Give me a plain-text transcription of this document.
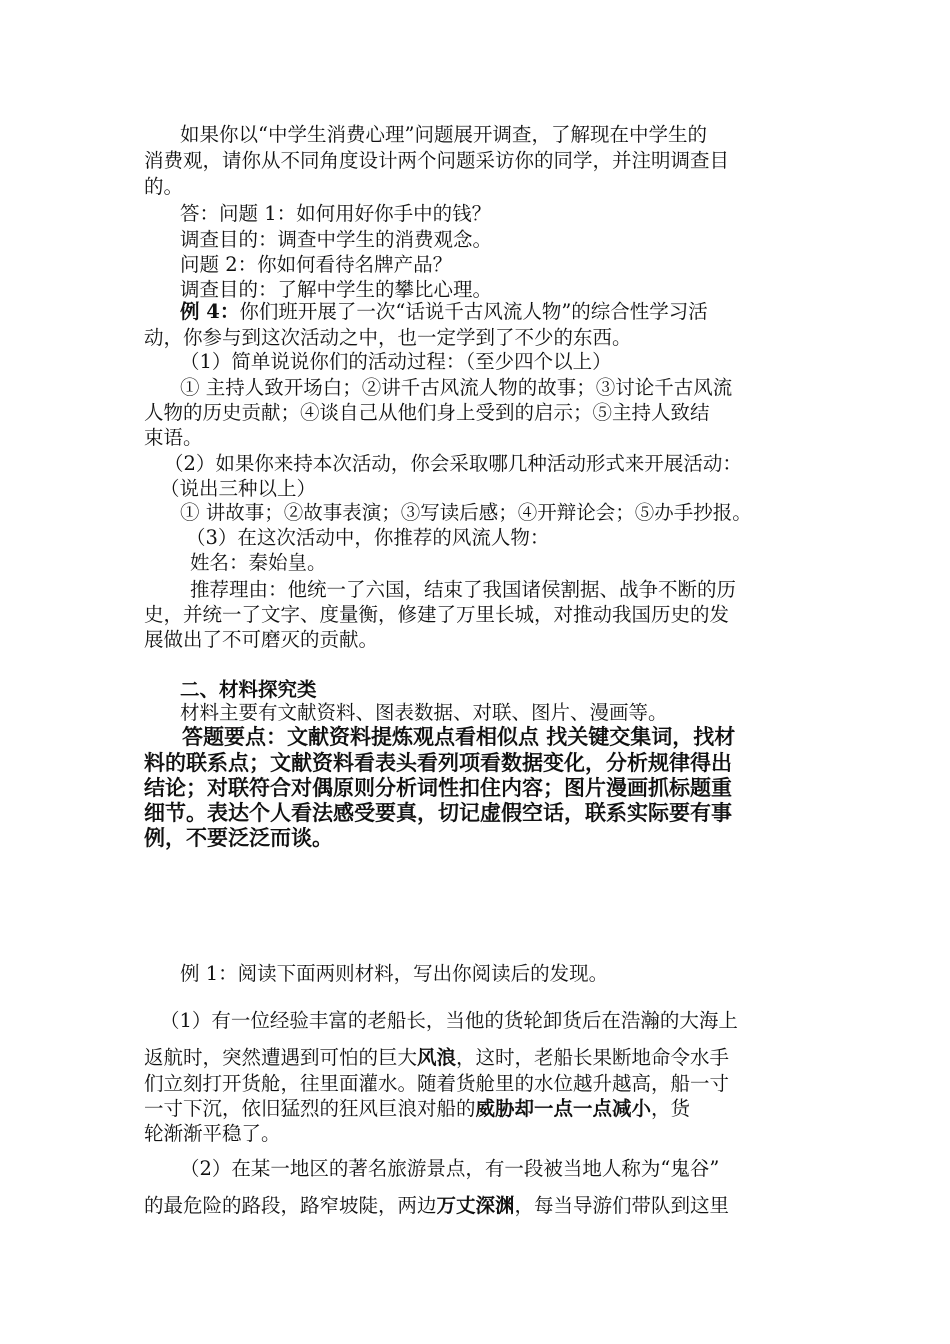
如果你以“中学生消费心理”问题展开调查，了解现在中学生的
消费观，请你从不同角度设计两个问题采访你的同学，并注明调查目
的。
答：问题 1：如何用好你手中的钱？
调查目的：调查中学生的消费观念。
问题 2：你如何看待名牌产品？
调查目的：了解中学生的攀比心理。
例 4：你们班开展了一次“话说千古风流人物”的综合性学习活
动，你参与到这次活动之中，也一定学到了不少的东西。
（1）简单说说你们的活动过程：（至少四个以上）
① 主持人致开场白；②讲千古风流人物的故事；③讨论千古风流
人物的历史贡献；④谈自己从他们身上受到的启示；⑤主持人致结
束语。
（2）如果你来持本次活动，你会采取哪几种活动形式来开展活动：
（说出三种以上）
① 讲故事；②故事表演；③写读后感；④开辩论会；⑤办手抄报。
（3）在这次活动中，你推荐的风流人物：
姓名：秦始皇。
推荐理由：他统一了六国，结束了我国诸侯割据、战争不断的历
史，并统一了文字、度量衡，修建了万里长城，对推动我国历史的发
展做出了不可磨灭的贡献。
二、材料探究类
材料主要有文献资料、图表数据、对联、图片、漫画等。
答题要点：文献资料提炼观点看相似点 找关键交集词，找材
料的联系点；文献资料看表头看列项看数据变化，分析规律得出
结论；对联符合对偶原则分析词性扣住内容；图片漫画抓标题重
细节。表达个人看法感受要真，切记虚假空话，联系实际要有事
例，不要泛泛而谈。
例 1：阅读下面两则材料，写出你阅读后的发现。
（1）有一位经验丰富的老船长，当他的货轮卸货后在浩瀚的大海上
返航时，突然遭遇到可怕的巨大风浪，这时，老船长果断地命令水手
们立刻打开货舱，往里面灌水。随着货舱里的水位越升越高，船一寸
一寸下沉，依旧猛烈的狂风巨浪对船的威胁却一点一点减小，货
轮渐渐平稳了。
（2）在某一地区的著名旅游景点，有一段被当地人称为“鬼谷”
的最危险的路段，路窄坡陡，两边万丈深渊，每当导游们带队到这里
